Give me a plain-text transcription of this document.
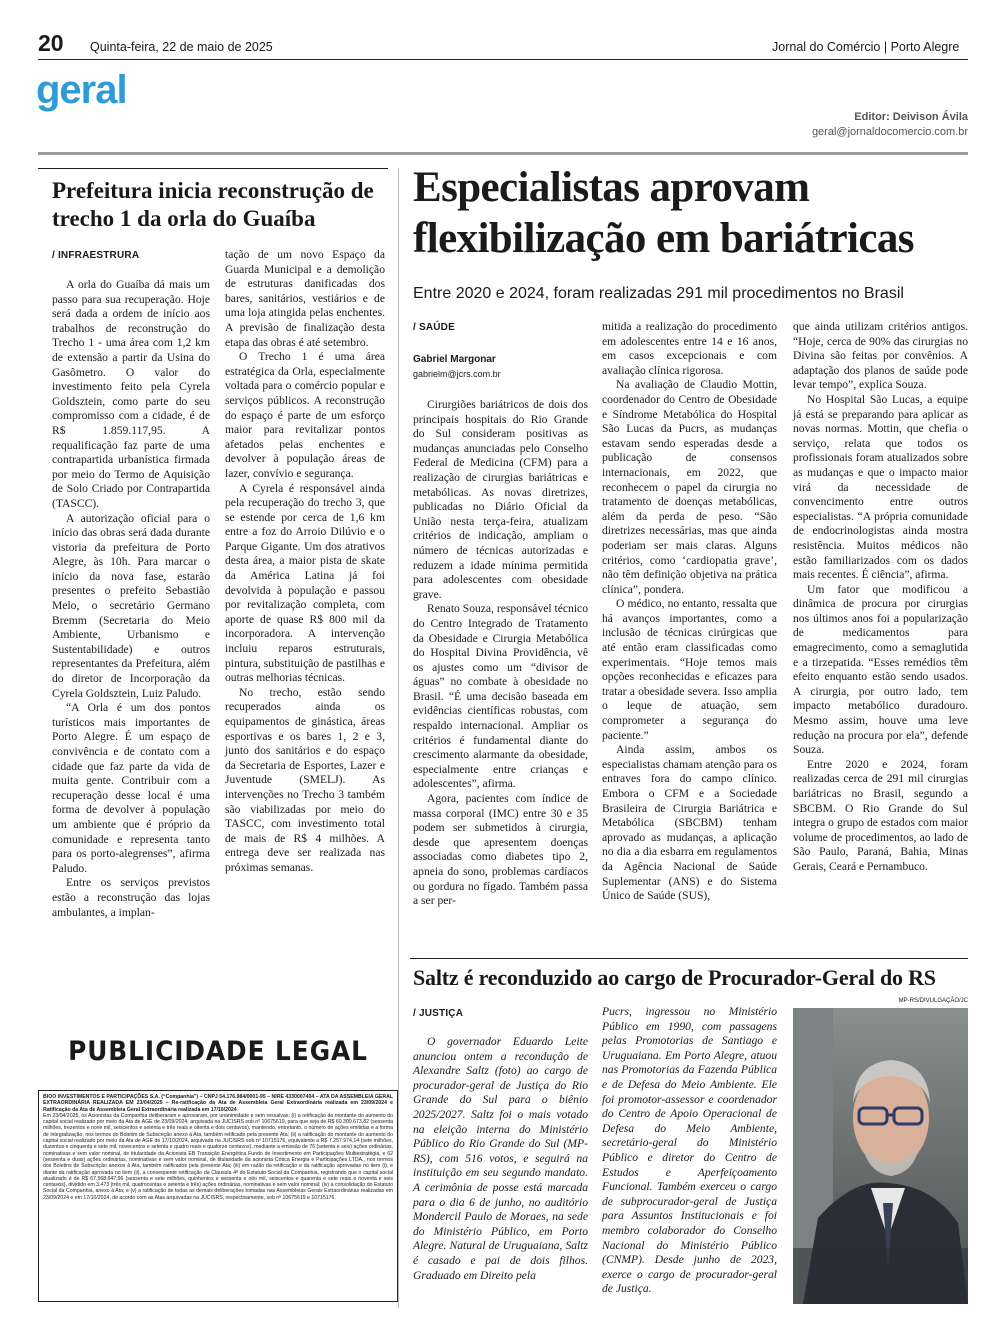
20 Quinta-feira, 22 de maio de 2025	Jornal do Comércio | Porto Alegre
geral
Editor: Deivison Ávila
geral@jornaldocomercio.com.br
Prefeitura inicia reconstrução de trecho 1 da orla do Guaíba
/ INFRAESTRURA

A orla do Guaíba dá mais um passo para sua recuperação. Hoje será dada a ordem de início aos trabalhos de reconstrução do Trecho 1 - uma área com 1,2 km de extensão a partir da Usina do Gasômetro. O valor do investimento feito pela Cyrela Goldsztein, como parte do seu compromisso com a cidade, é de R$ 1.859.117,95. A requalificação faz parte de uma contrapartida urbanística firmada por meio do Termo de Aquisição de Solo Criado por Contrapartida (TASCC).

A autorização oficial para o início das obras será dada durante vistoria da prefeitura de Porto Alegre, às 10h. Para marcar o início da nova fase, estarão presentes o prefeito Sebastião Melo, o secretário Germano Bremm (Secretaria do Meio Ambiente, Urbanismo e Sustentabilidade) e outros representantes da Prefeitura, além do diretor de Incorporação da Cyrela Goldsztein, Luiz Paludo.

“A Orla é um dos pontos turísticos mais importantes de Porto Alegre. É um espaço de convivência e de contato com a cidade que faz parte da vida de muita gente. Contribuir com a recuperação desse local é uma forma de devolver à população um ambiente que é próprio da comunidade e representa tanto para os porto-alegrenses”, afirma Paludo.

Entre os serviços previstos estão a reconstrução das lojas ambulantes, a implan-

tação de um novo Espaço da Guarda Municipal e a demolição de estruturas danificadas dos bares, sanitários, vestiários e de uma loja atingida pelas enchentes. A previsão de finalização desta etapa das obras é até setembro.

O Trecho 1 é uma área estratégica da Orla, especialmente voltada para o comércio popular e serviços públicos. A reconstrução do espaço é parte de um esforço maior para revitalizar pontos afetados pelas enchentes e devolver à população áreas de lazer, convívio e segurança.

A Cyrela é responsável ainda pela recuperação do trecho 3, que se estende por cerca de 1,6 km entre a foz do Arroio Dilúvio e o Parque Gigante. Um dos atrativos desta área, a maior pista de skate da América Latina já foi devolvida à população e passou por revitalização completa, com aporte de quase R$ 800 mil da incorporadora. A intervenção incluiu reparos estruturais, pintura, substituição de pastilhas e outras melhorias técnicas.

No trecho, estão sendo recuperados ainda os equipamentos de ginástica, áreas esportivas e os bares 1, 2 e 3, junto dos sanitários e do espaço da Secretaria de Esportes, Lazer e Juventude (SMELJ). As intervenções no Trecho 3 também são viabilizadas por meio do TASCC, com investimento total de mais de R$ 4 milhões. A entrega deve ser realizada nas próximas semanas.

Especialistas aprovam flexibilização em bariátricas
Entre 2020 e 2024, foram realizadas 291 mil procedimentos no Brasil
/ SAÚDE
Gabriel Margonar
gabrielm@jcrs.com.br

Cirurgiões bariátricos de dois dos principais hospitais do Rio Grande do Sul consideram positivas as mudanças anunciadas pelo Conselho Federal de Medicina (CFM) para a realização de cirurgias bariátricas e metabólicas. As novas diretrizes, publicadas no Diário Oficial da União nesta terça-feira, atualizam critérios de indicação, ampliam o número de técnicas autorizadas e reduzem a idade mínima permitida para adolescentes com obesidade grave.

Renato Souza, responsável técnico do Centro Integrado de Tratamento da Obesidade e Cirurgia Metabólica do Hospital Divina Providência, vê os ajustes como um “divisor de águas” no combate à obesidade no Brasil. “É uma decisão baseada em evidências científicas robustas, com respaldo internacional. Ampliar os critérios é fundamental diante do crescimento alarmante da obesidade, especialmente entre crianças e adolescentes”, afirma.

Agora, pacientes com índice de massa corporal (IMC) entre 30 e 35 podem ser submetidos à cirurgia, desde que apresentem doenças associadas como diabetes tipo 2, apneia do sono, problemas cardíacos ou gordura no fígado. Também passa a ser per-

mitida a realização do procedimento em adolescentes entre 14 e 16 anos, em casos excepcionais e com avaliação clínica rigorosa.

Na avaliação de Claudio Mottin, coordenador do Centro de Obesidade e Síndrome Metabólica do Hospital São Lucas da Pucrs, as mudanças estavam sendo esperadas desde a publicação de consensos internacionais, em 2022, que reconhecem o papel da cirurgia no tratamento de doenças metabólicas, além da perda de peso. “São diretrizes necessárias, mas que ainda poderiam ser mais claras. Alguns critérios, como ‘cardiopatia grave’, não têm definição objetiva na prática clínica”, pondera.

O médico, no entanto, ressalta que há avanços importantes, como a inclusão de técnicas cirúrgicas que até então eram classificadas como experimentais. “Hoje temos mais opções reconhecidas e eficazes para tratar a obesidade severa. Isso amplia o leque de atuação, sem comprometer a segurança do paciente.”

Ainda assim, ambos os especialistas chamam atenção para os entraves fora do campo clínico. Embora o CFM e a Sociedade Brasileira de Cirurgia Bariátrica e Metabólica (SBCBM) tenham aprovado as mudanças, a aplicação no dia a dia esbarra em regulamentos da Agência Nacional de Saúde Suplementar (ANS) e do Sistema Único de Saúde (SUS),

que ainda utilizam critérios antigos. “Hoje, cerca de 90% das cirurgias no Divina são feitas por convênios. A adaptação dos planos de saúde pode levar tempo”, explica Souza.

No Hospital São Lucas, a equipe já está se preparando para aplicar as novas normas. Mottin, que chefia o serviço, relata que todos os profissionais foram atualizados sobre as mudanças e que o impacto maior virá da necessidade de convencimento entre outros especialistas. “A própria comunidade de endocrinologistas ainda mostra resistência. Muitos médicos não estão familiarizados com os dados mais recentes. É ciência”, afirma.

Um fator que modificou a dinâmica de procura por cirurgias nos últimos anos foi a popularização de medicamentos para emagrecimento, como a semaglutida e a tirzepatida. “Esses remédios têm efeito enquanto estão sendo usados. A cirurgia, por outro lado, tem impacto metabólico duradouro. Mesmo assim, houve uma leve redução na procura por ela”, defende Souza.

Entre 2020 e 2024, foram realizadas cerca de 291 mil cirurgias bariátricas no Brasil, segundo a SBCBM. O Rio Grande do Sul integra o grupo de estados com maior volume de procedimentos, ao lado de São Paulo, Paraná, Bahia, Minas Gerais, Ceará e Pernambuco.

Saltz é reconduzido ao cargo de Procurador-Geral do RS
/ JUSTIÇA
MP-RS/DIVULGAÇÃO/JC

O governador Eduardo Leite anunciou ontem a recondução de Alexandre Saltz (foto) ao cargo de procurador-geral de Justiça do Rio Grande do Sul para o biênio 2025/2027. Saltz foi o mais votado na eleição interna do Ministério Público do Rio Grande do Sul (MP-RS), com 516 votos, e seguirá na instituição em seu segundo mandato. A cerimônia de posse está marcada para o dia 6 de junho, no auditório Mondercil Paulo de Moraes, na sede do Ministério Público, em Porto Alegre. Natural de Uruguaiana, Saltz é casado e pai de dois filhos. Graduado em Direito pela

Pucrs, ingressou no Ministério Público em 1990, com passagens pelas Promotorias de Santiago e Uruguaiana. Em Porto Alegre, atuou nas Promotorias da Fazenda Pública e de Defesa do Meio Ambiente. Ele foi promotor-assessor e coordenador do Centro de Apoio Operacional de Defesa do Meio Ambiente, secretário-geral do Ministério Público e diretor do Centro de Estudos e Aperfeiçoamento Funcional. Também exerceu o cargo de subprocurador-geral de Justiça para Assuntos Institucionais e foi membro colaborador do Conselho Nacional do Ministério Público (CNMP). Desde junho de 2023, exerce o cargo de procurador-geral de Justiça.

PUBLICIDADE LEGAL
BIOO INVESTIMENTOS E PARTICIPAÇÕES S.A. (“Companhia”) – CNPJ 54.176.984/0001-95 – NIRE 4330007404 – ATA DA ASSEMBLEIA GERAL EXTRAORDINÁRIA REALIZADA EM 23/04/2025 – Re-ratificação da Ata de Assembleia Geral Extraordinária realizada em 23/09/2024 e Ratificação da Ata de Assembleia Geral Extraordinária realizada em 17/10/2024
Em 23/04/2025, os Acionistas da Companhia deliberaram e aprovaram, por unanimidade e sem ressalvas: (i) a retificação do montante do aumento do capital social realizado por meio da Ata de AGE de 23/09/2024, arquivada na JUCISRS sob nº 10675619, para que seja de R$ 60.309.673,82 (sessenta milhões, trezentos e nove mil, seiscentos e setenta e três reais e oitenta e dois centavos), mantendo, entretanto, o número de ações emitidas e a forma de integralização, nos termos do Boletim de Subscrição anexo à Ata, também retificado pela presente Ata; (ii) a ratificação do montante do aumento do capital social realizado por meio da Ata de AGE de 17/10/2024, arquivada na JUCISRS sob nº 10715176, equivalente a R$ 7.257.974,14 (sete milhões, duzentos e cinquenta e sete mil, novecentos e setenta e quatro reais e quatorze centavos), mediante a emissão de 76 (setenta e seis) ações ordinárias, nominativas e sem valor nominal, de titularidade da Acionista EB Transição Energética Fundo de Investimento em Participações Multiestratégia, e 62 (sessenta e duas) ações ordinárias, nominativas e sem valor nominal, de titularidade da acionista Cótica Energia e Participações LTDA., nos termos dos Boletins de Subscrição anexos à Ata, também ratificados pela presente Ata; (iii) em razão da retificação e da ratificação aprovadas no item (i), e diante da ratificação aprovada no item (ii), a consequente retificação da Cláusula 4ª do Estatuto Social da Companhia, registrando que o capital social atualizado é de R$ 67.568.647,96 (sessenta e sete milhões, quinhentos e sessenta e oito mil, seiscentos e quarenta e sete reais e noventa e seis centavos), dividido em 3.473 (três mil, quatrocentas e setenta e três) ações ordinárias, nominativas e sem valor nominal; (iv) a consolidação do Estatuto Social da Companhia, anexo à Ata; e (v) a ratificação de todas as demais deliberações tomadas nas Assembleias Gerais Extraordinárias realizadas em 23/09/2024 e em 17/10/2024, de acordo com as Atas arquivadas na JUCISRS, respectivamente, sob nº 10675619 e 10715176.
